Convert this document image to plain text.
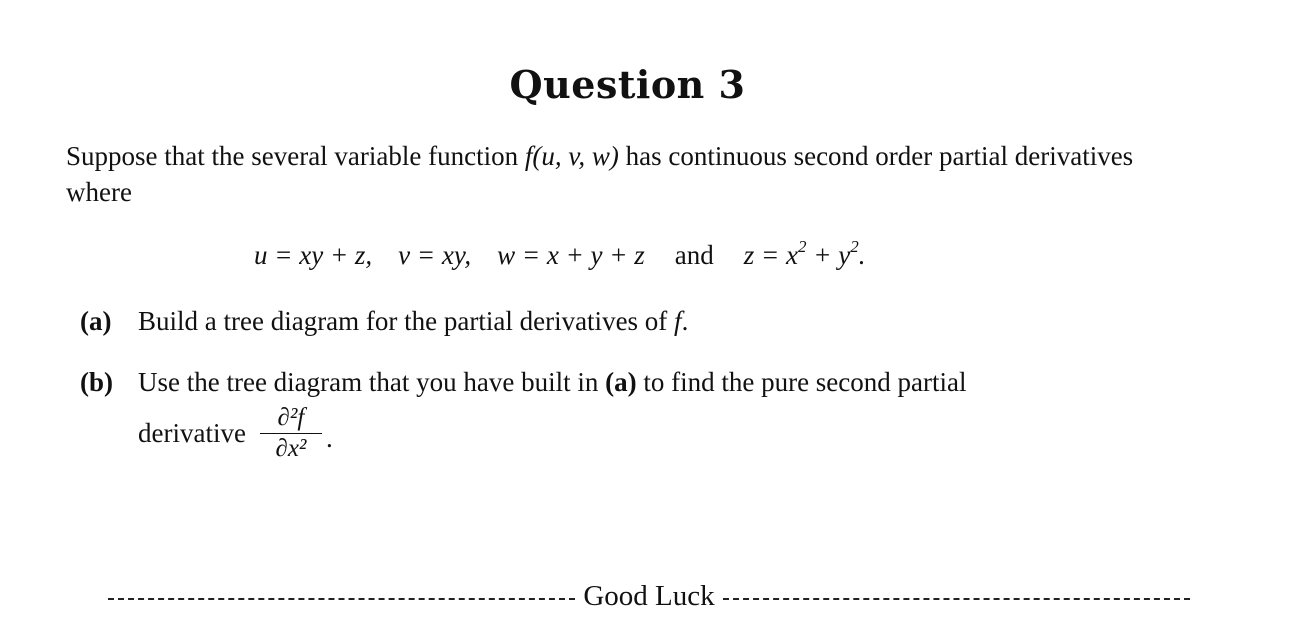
Question 3
Suppose that the several variable function f(u, v, w) has continuous second order partial derivatives where
u = xy + z, v = xy, w = x + y + z and $z = x^2 + y^2$.
(a) Build a tree diagram for the partial derivatives of f.
(b) Use the tree diagram that you have built in (a) to find the pure second partial
derivative $\frac{\text{∂²f}}{\text{∂x²}}$ .
Good Luck
